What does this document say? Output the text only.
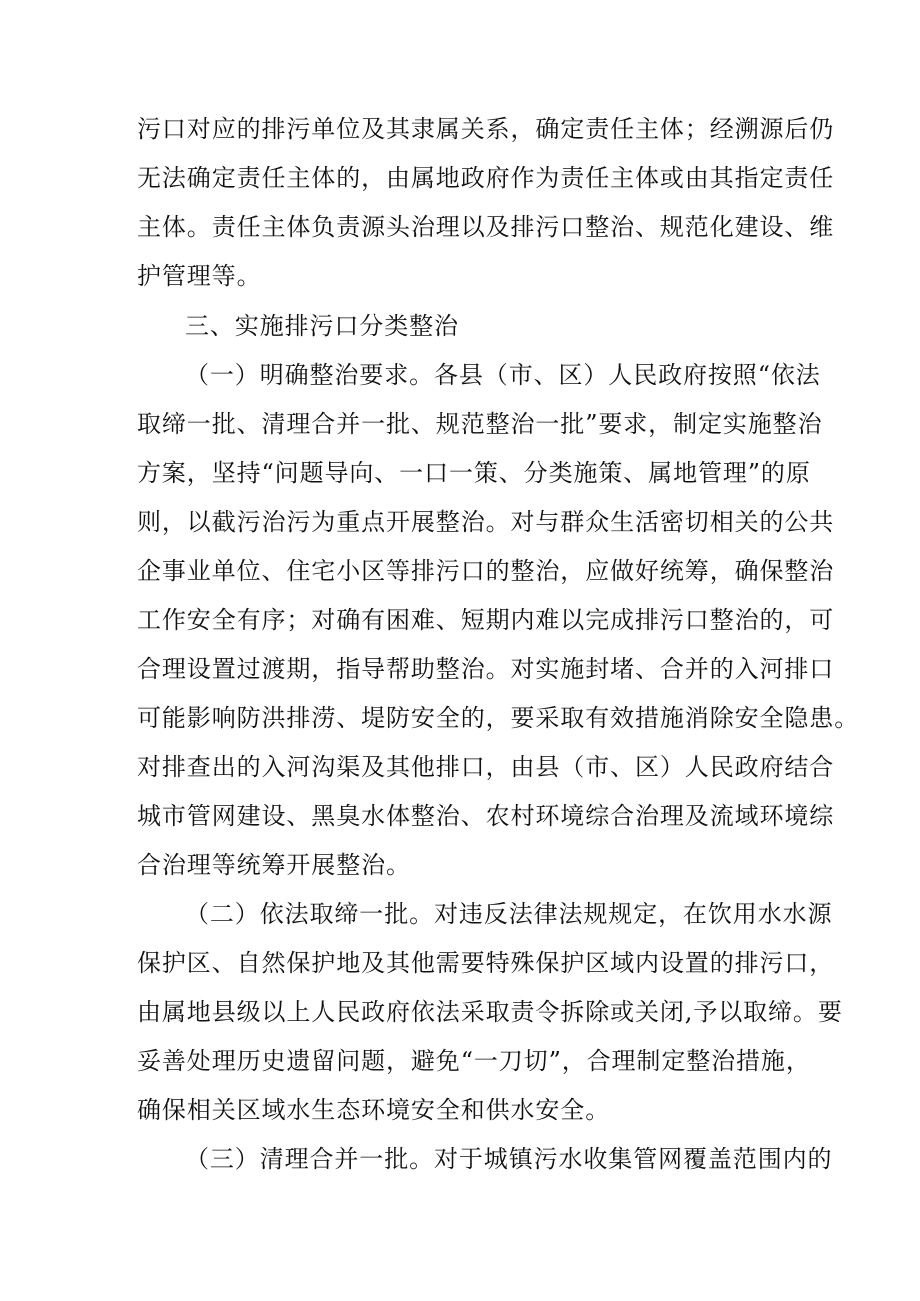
污口对应的排污单位及其隶属关系，确定责任主体；经溯源后仍
无法确定责任主体的，由属地政府作为责任主体或由其指定责任
主体。责任主体负责源头治理以及排污口整治、规范化建设、维
护管理等。
三、实施排污口分类整治
（一）明确整治要求。各县（市、区）人民政府按照“依法
取缔一批、清理合并一批、规范整治一批”要求，制定实施整治
方案，坚持“问题导向、一口一策、分类施策、属地管理”的原
则，以截污治污为重点开展整治。对与群众生活密切相关的公共
企事业单位、住宅小区等排污口的整治，应做好统筹，确保整治
工作安全有序；对确有困难、短期内难以完成排污口整治的，可
合理设置过渡期，指导帮助整治。对实施封堵、合并的入河排口
可能影响防洪排涝、堤防安全的，要采取有效措施消除安全隐患。
对排查出的入河沟渠及其他排口，由县（市、区）人民政府结合
城市管网建设、黑臭水体整治、农村环境综合治理及流域环境综
合治理等统筹开展整治。
（二）依法取缔一批。对违反法律法规规定，在饮用水水源
保护区、自然保护地及其他需要特殊保护区域内设置的排污口，
由属地县级以上人民政府依法采取责令拆除或关闭,予以取缔。要
妥善处理历史遗留问题，避免“一刀切”，合理制定整治措施，
确保相关区域水生态环境安全和供水安全。
（三）清理合并一批。对于城镇污水收集管网覆盖范围内的
